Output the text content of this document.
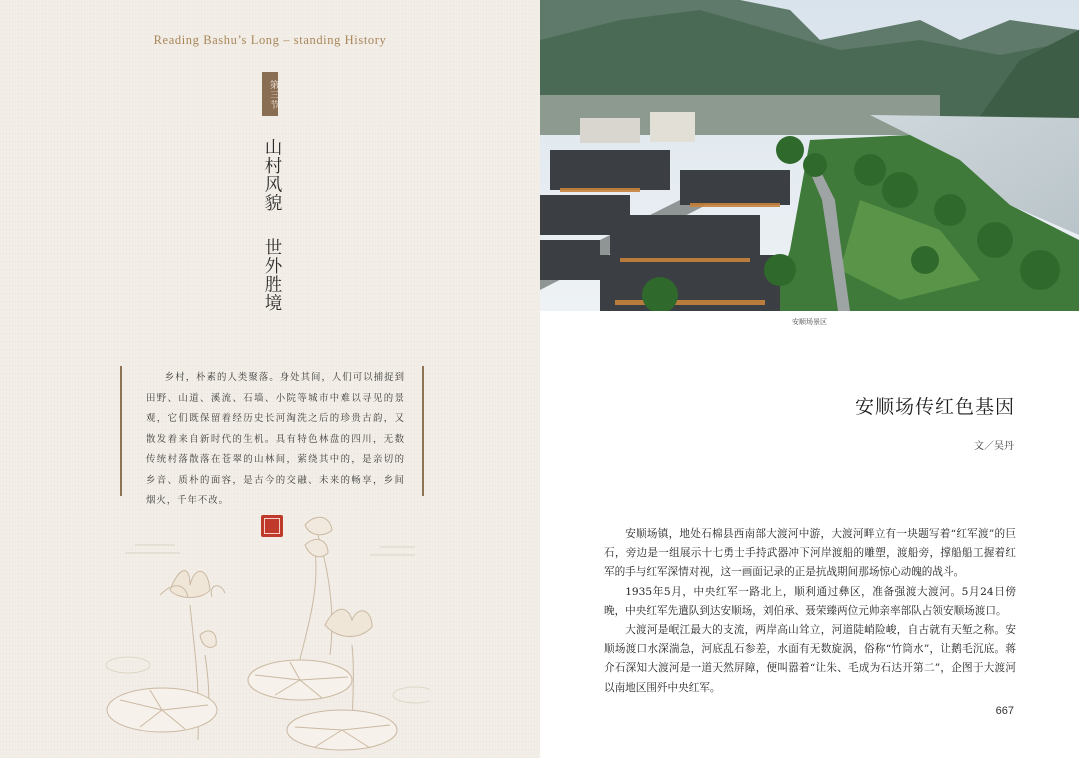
Reading Bashu’s Long – standing History
第三节
山村风貌
世外胜境
乡村，朴素的人类聚落。身处其间，人们可以捕捉到田野、山道、溪流、石墙、小院等城市中难以寻见的景观，它们既保留着经历史长河淘洗之后的珍贵古韵，又散发着来自新时代的生机。具有特色林盘的四川，无数传统村落散落在苍翠的山林间，萦绕其中的，是亲切的乡音、质朴的面容，是古今的交融、未来的畅享，乡间烟火，千年不改。
安顺场景区
安顺场传红色基因
文／吴丹

安顺场镇，地处石棉县西南部大渡河中游，大渡河畔立有一块题写着“红军渡”的巨石，旁边是一组展示十七勇士手持武器冲下河岸渡船的雕塑，渡船旁，撑船船工握着红军的手与红军深情对视，这一画面记录的正是抗战期间那场惊心动魄的战斗。

1935年5月，中央红军一路北上，顺利通过彝区，准备强渡大渡河。5月24日傍晚，中央红军先遣队到达安顺场，刘伯承、聂荣臻两位元帅亲率部队占领安顺场渡口。

大渡河是岷江最大的支流，两岸高山耸立，河道陡峭险峻，自古就有天堑之称。安顺场渡口水深湍急，河底乱石参差，水面有无数旋涡，俗称“竹筒水”，让鹅毛沉底。蒋介石深知大渡河是一道天然屏障，便叫嚣着“让朱、毛成为石达开第二”，企图于大渡河以南地区围歼中央红军。

667
